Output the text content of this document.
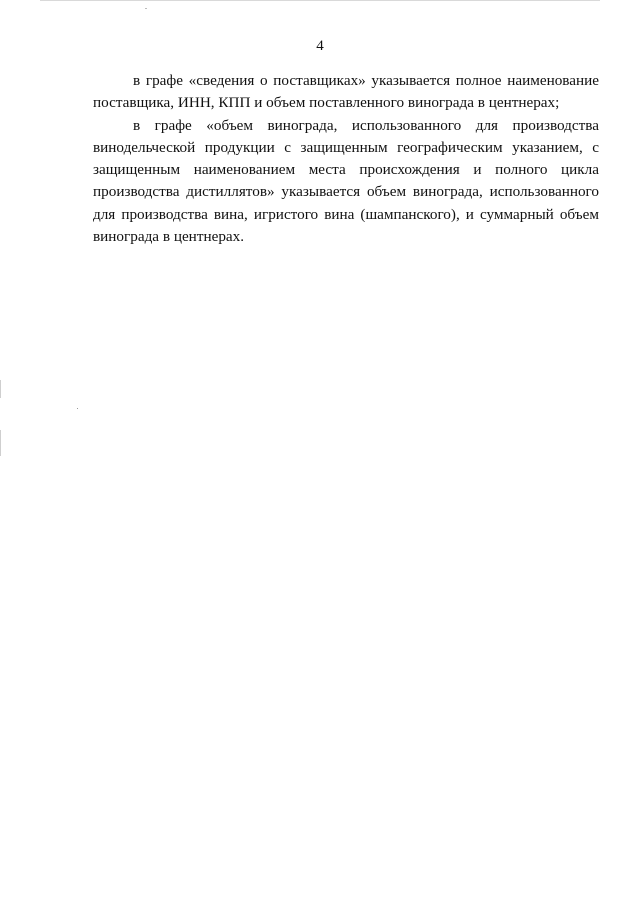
4
в графе «сведения о поставщиках» указывается полное наименование
поставщика, ИНН, КПП и объем поставленного винограда в центнерах;
в графе «объем винограда, использованного для производства
винодельческой продукции с защищенным географическим указанием, с
защищенным наименованием места происхождения и полного цикла
производства дистиллятов» указывается объем винограда, использованного
для производства вина, игристого вина (шампанского), и суммарный объем
винограда в центнерах.
